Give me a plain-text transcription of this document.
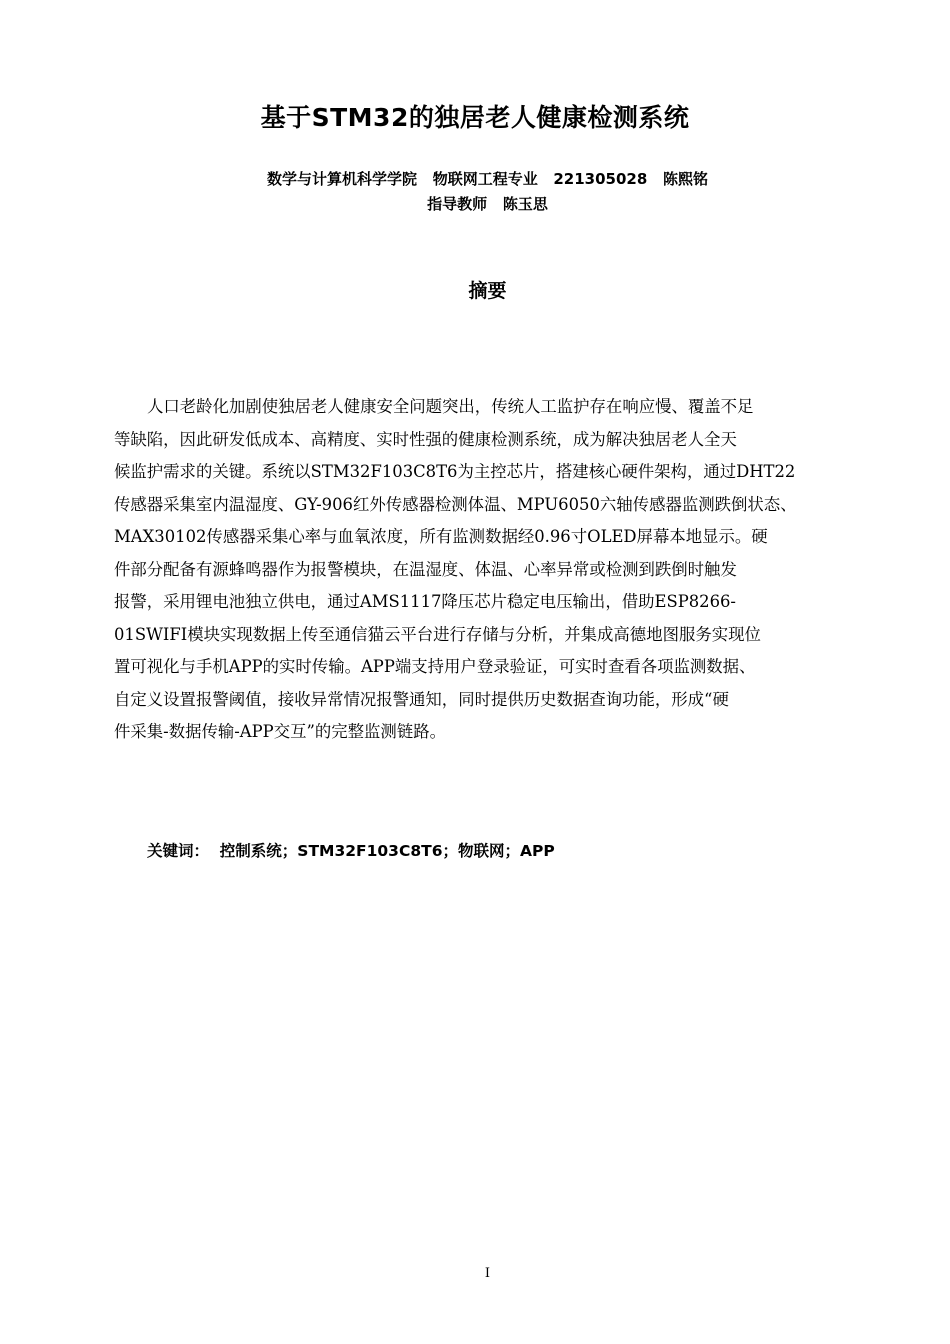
基于STM32的独居老人健康检测系统
数学与计算机科学学院   物联网工程专业   221305028   陈熙铭
指导教师   陈玉思
摘要
人口老龄化加剧使独居老人健康安全问题突出，传统人工监护存在响应慢、覆盖不足
等缺陷，因此研发低成本、高精度、实时性强的健康检测系统，成为解决独居老人全天
候监护需求的关键。系统以STM32F103C8T6为主控芯片，搭建核心硬件架构，通过DHT22
传感器采集室内温湿度、GY-906红外传感器检测体温、MPU6050六轴传感器监测跌倒状态、
MAX30102传感器采集心率与血氧浓度，所有监测数据经0.96寸OLED屏幕本地显示。硬
件部分配备有源蜂鸣器作为报警模块，在温湿度、体温、心率异常或检测到跌倒时触发
报警，采用锂电池独立供电，通过AMS1117降压芯片稳定电压输出，借助ESP8266-
01SWIFI模块实现数据上传至通信猫云平台进行存储与分析，并集成高德地图服务实现位
置可视化与手机APP的实时传输。APP端支持用户登录验证，可实时查看各项监测数据、
自定义设置报警阈值，接收异常情况报警通知，同时提供历史数据查询功能，形成“硬
件采集-数据传输-APP交互”的完整监测链路。
关键词：  控制系统；STM32F103C8T6；物联网；APP
I
